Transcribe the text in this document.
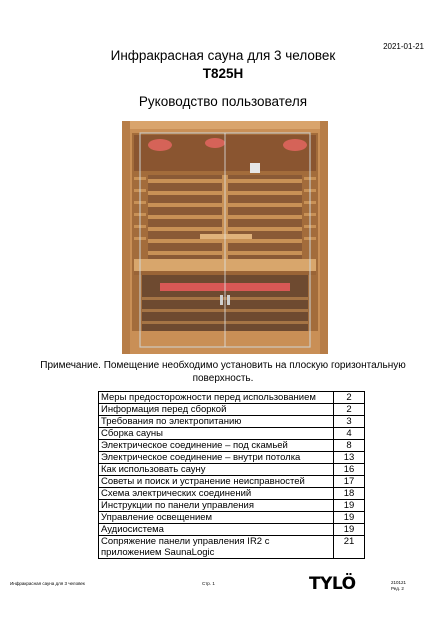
2021-01-21
Инфракрасная сауна для 3 человек
T825H
Руководство пользователя
Примечание. Помещение необходимо установить на плоскую горизонтальную поверхность.
Меры предосторожности перед использованием	2
Информация перед сборкой	2
Требования по электропитанию	3
Сборка сауны	4
Электрическое соединение – под скамьей	8
Электрическое соединение – внутри потолка	13
Как использовать сауну	16
Советы и поиск и устранение неисправностей	17
Схема электрических соединений	18
Инструкции по панели управления	19
Управление освещением	19
Аудиосистема	19
Сопряжение панели управления IR2 с приложением SaunaLogic	21
Инфракрасная сауна для 3 человек	Стр. 1	TYLÖ	210121
Ред. 2
